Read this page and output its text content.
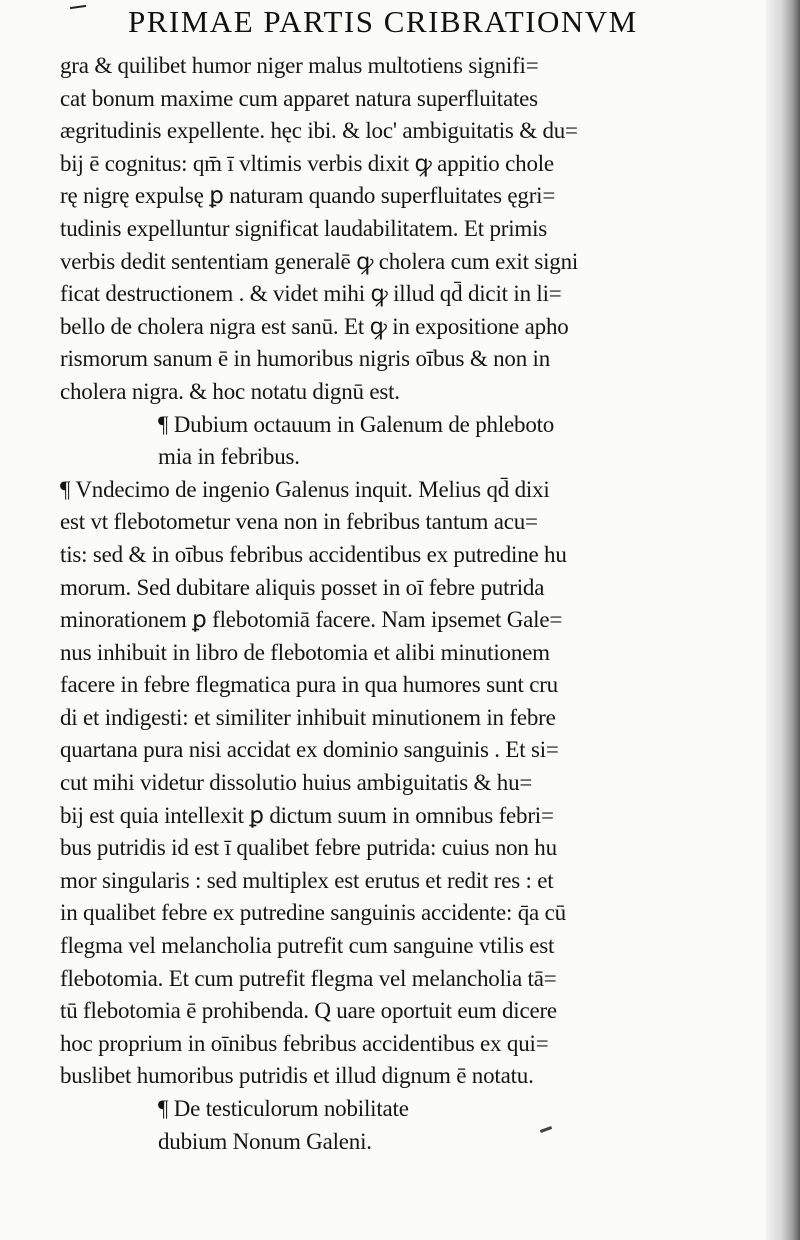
PRIMAE PARTIS CRIBRATIONVM
gra & quilibet humor niger malus multotiens signifi=
cat bonum maxime cum apparet natura superfluitates
ægritudinis expellente. hęc ibi. & loc' ambiguitatis & du=
bij ē cognitus: qm̄ ī vltimis verbis dixit ꝙ appitio chole
rę nigrę expulsę ꝑ naturam quando superfluitates ęgri=
tudinis expelluntur significat laudabilitatem. Et primis
verbis dedit sententiam generalē ꝙ cholera cum exit signi
ficat destructionem . & videt mihi ꝙ illud qd̄ dicit in li=
bello de cholera nigra est sanū. Et ꝙ in expositione apho
rismorum sanum ē in humoribus nigris oībus & non in
cholera nigra. & hoc notatu dignū est.
¶ Dubium octauum in Galenum de phleboto
mia in febribus.
¶ Vndecimo de ingenio Galenus inquit. Melius qd̄ dixi
est vt flebotometur vena non in febribus tantum acu=
tis: sed & in oībus febribus accidentibus ex putredine hu
morum. Sed dubitare aliquis posset in oī febre putrida
minorationem ꝑ flebotomiā facere. Nam ipsemet Gale=
nus inhibuit in libro de flebotomia et alibi minutionem
facere in febre flegmatica pura in qua humores sunt cru
di et indigesti: et similiter inhibuit minutionem in febre
quartana pura nisi accidat ex dominio sanguinis . Et si=
cut mihi videtur dissolutio huius ambiguitatis & hu=
bij est quia intellexit ꝑ dictum suum in omnibus febri=
bus putridis id est ī qualibet febre putrida: cuius non hu
mor singularis : sed multiplex est erutus et redit res : et
in qualibet febre ex putredine sanguinis accidente: q̄a cū
flegma vel melancholia putrefit cum sanguine vtilis est
flebotomia. Et cum putrefit flegma vel melancholia tā=
tū flebotomia ē prohibenda. Q uare oportuit eum dicere
hoc proprium in oīnibus febribus accidentibus ex qui=
buslibet humoribus putridis et illud dignum ē notatu.
¶ De testiculorum nobilitate
dubium Nonum Galeni.
